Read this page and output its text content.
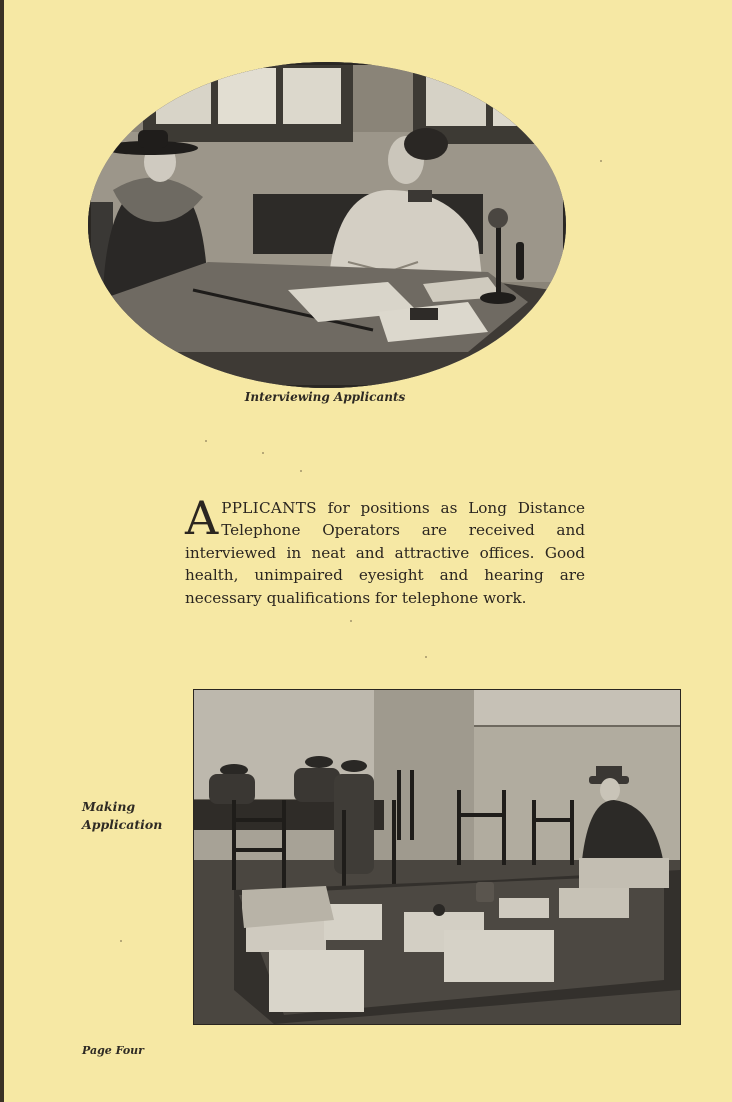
Interviewing Applicants
APPLICANTS for positions as Long Distance Telephone Operators are received and interviewed in neat and attractive offices. Good health, unimpaired eyesight and hearing are necessary qualifications for telephone work.
Making
Application
Page Four
